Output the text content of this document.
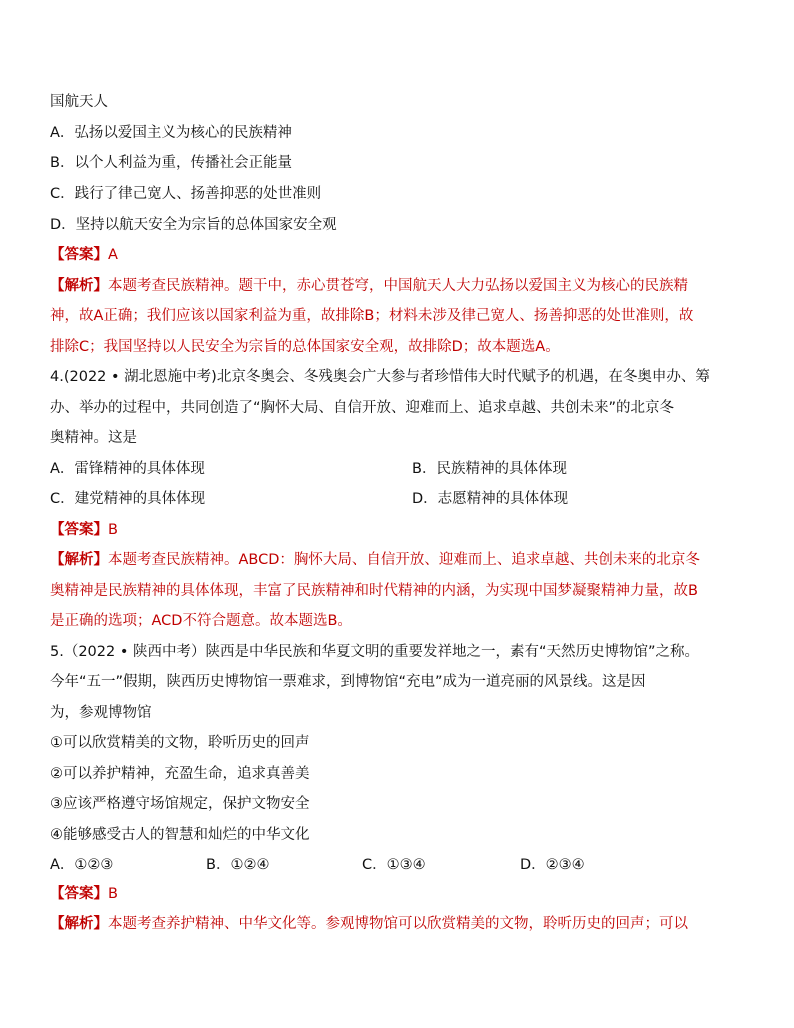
国航天人
A．弘扬以爱国主义为核心的民族精神
B．以个人利益为重，传播社会正能量
C．践行了律己宽人、扬善抑恶的处世准则
D．坚持以航天安全为宗旨的总体国家安全观
【答案】A
【解析】本题考查民族精神。题干中，赤心贯苍穹，中国航天人大力弘扬以爱国主义为核心的民族精
神，故A正确；我们应该以国家利益为重，故排除B；材料未涉及律己宽人、扬善抑恶的处世准则，故
排除C；我国坚持以人民安全为宗旨的总体国家安全观，故排除D；故本题选A。
4.(2022 • 湖北恩施中考)北京冬奥会、冬残奥会广大参与者珍惜伟大时代赋予的机遇，在冬奥申办、筹
办、举办的过程中，共同创造了“胸怀大局、自信开放、迎难而上、追求卓越、共创未来”的北京冬
奥精神。这是
A．雷锋精神的具体体现	B．民族精神的具体体现
C．建党精神的具体体现	D．志愿精神的具体体现
【答案】B
【解析】本题考查民族精神。ABCD：胸怀大局、自信开放、迎难而上、追求卓越、共创未来的北京冬
奥精神是民族精神的具体体现，丰富了民族精神和时代精神的内涵，为实现中国梦凝聚精神力量，故B
是正确的选项；ACD不符合题意。故本题选B。
5.（2022 • 陕西中考）陕西是中华民族和华夏文明的重要发祥地之一，素有“天然历史博物馆”之称。
今年“五一”假期，陕西历史博物馆一票难求，到博物馆“充电”成为一道亮丽的风景线。这是因
为，参观博物馆
①可以欣赏精美的文物，聆听历史的回声
②可以养护精神，充盈生命，追求真善美
③应该严格遵守场馆规定，保护文物安全
④能够感受古人的智慧和灿烂的中华文化
A．①②③	B．①②④	C．①③④	D．②③④
【答案】B
【解析】本题考查养护精神、中华文化等。参观博物馆可以欣赏精美的文物，聆听历史的回声；可以
